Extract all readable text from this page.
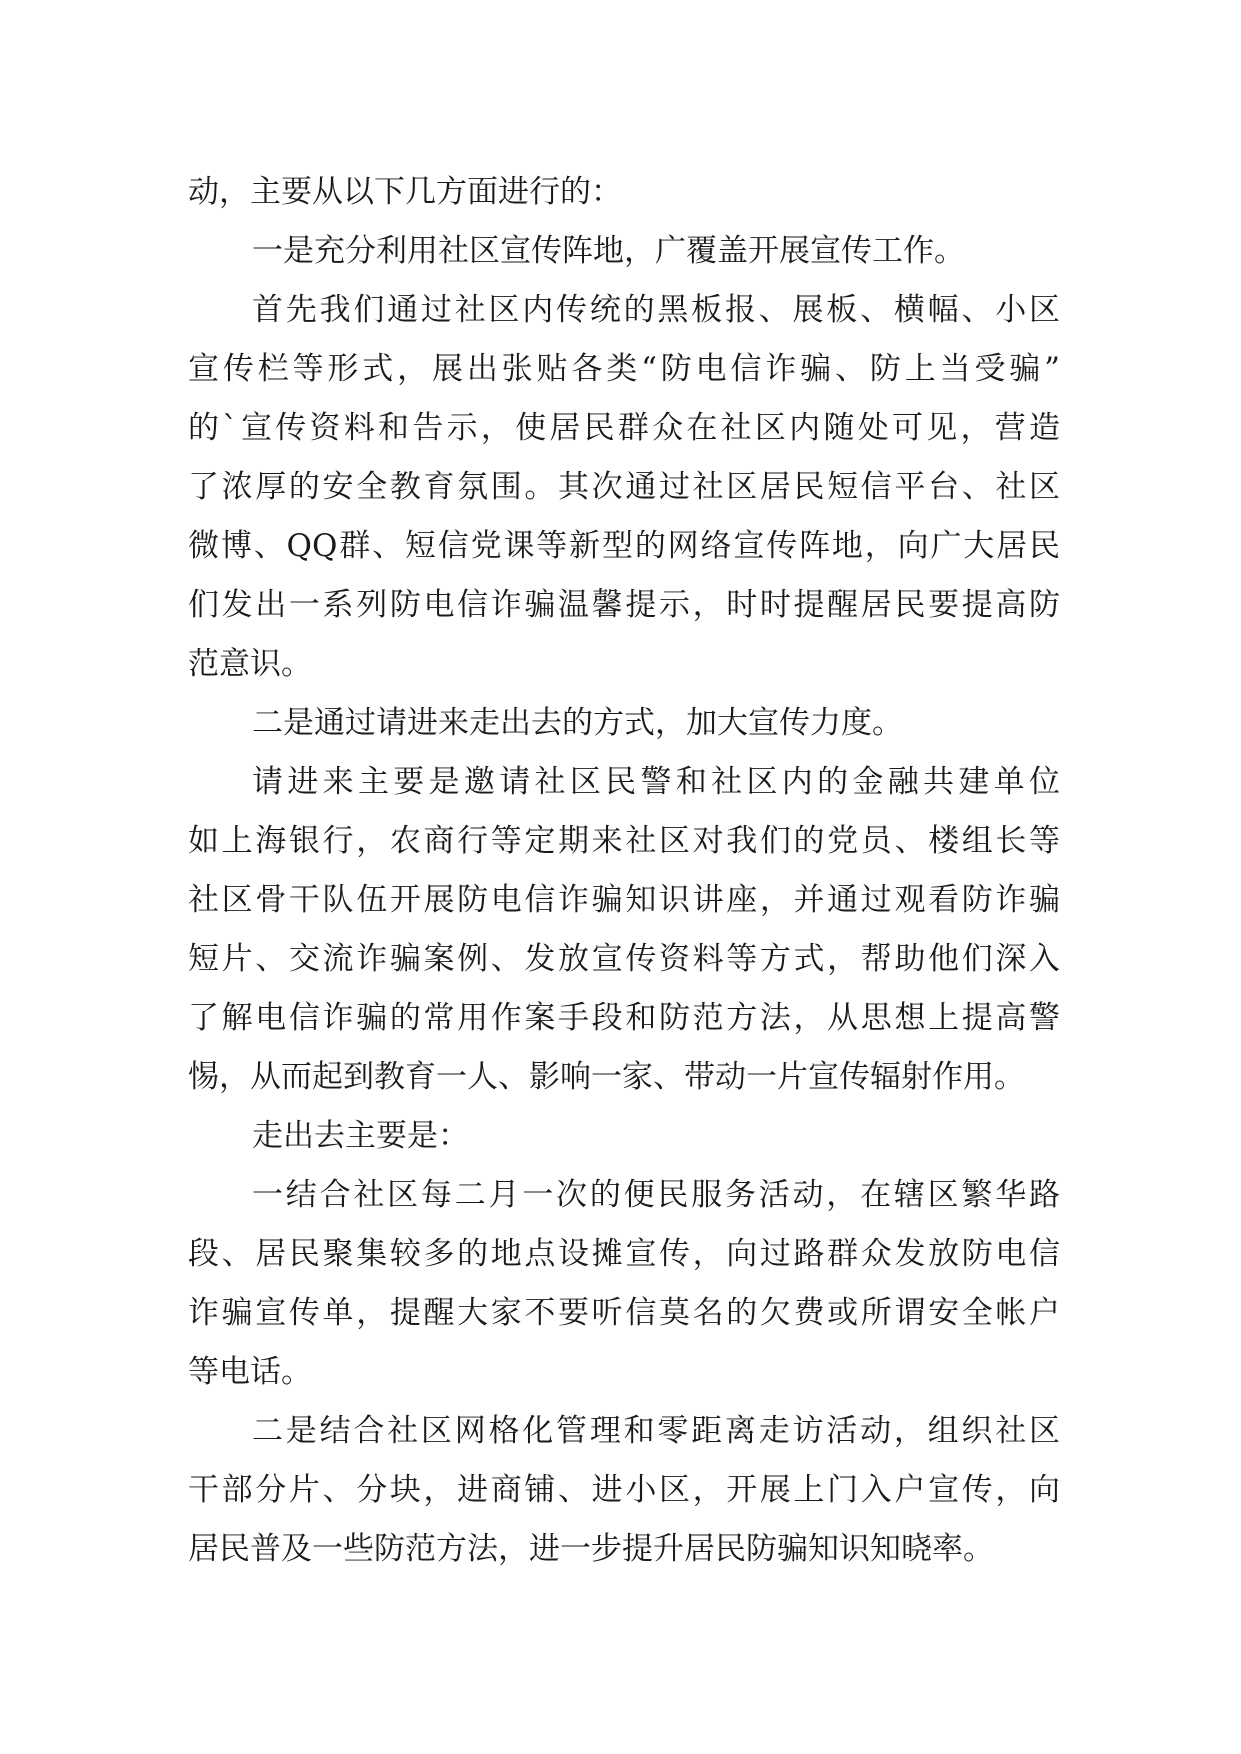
动，主要从以下几方面进行的：
一是充分利用社区宣传阵地，广覆盖开展宣传工作。
首先我们通过社区内传统的黑板报、展板、横幅、小区
宣传栏等形式，展出张贴各类“防电信诈骗、防上当受骗”
的`宣传资料和告示，使居民群众在社区内随处可见，营造
了浓厚的安全教育氛围。其次通过社区居民短信平台、社区
微博、QQ群、短信党课等新型的网络宣传阵地，向广大居民
们发出一系列防电信诈骗温馨提示，时时提醒居民要提高防
范意识。
二是通过请进来走出去的方式，加大宣传力度。
请进来主要是邀请社区民警和社区内的金融共建单位
如上海银行，农商行等定期来社区对我们的党员、楼组长等
社区骨干队伍开展防电信诈骗知识讲座，并通过观看防诈骗
短片、交流诈骗案例、发放宣传资料等方式，帮助他们深入
了解电信诈骗的常用作案手段和防范方法，从思想上提高警
惕，从而起到教育一人、影响一家、带动一片宣传辐射作用。
走出去主要是：
一结合社区每二月一次的便民服务活动，在辖区繁华路
段、居民聚集较多的地点设摊宣传，向过路群众发放防电信
诈骗宣传单，提醒大家不要听信莫名的欠费或所谓安全帐户
等电话。
二是结合社区网格化管理和零距离走访活动，组织社区
干部分片、分块，进商铺、进小区，开展上门入户宣传，向
居民普及一些防范方法，进一步提升居民防骗知识知晓率。
